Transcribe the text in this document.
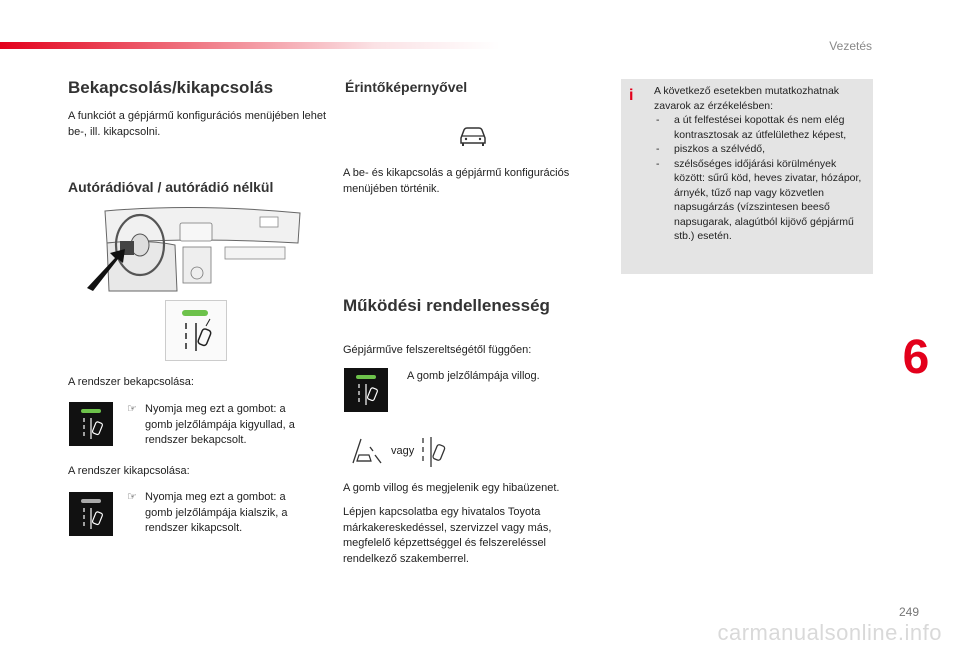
Vezetés
6
Bekapcsolás/kikapcsolás

A funkciót a gépjármű konfigurációs menüjében lehet be-, ill. kikapcsolni.

Autórádióval / autórádió nélkül

A rendszer bekapcsolása:

☞ Nyomja meg ezt a gombot: a gomb jelzőlámpája kigyullad, a rendszer bekapcsolt.

A rendszer kikapcsolása:

☞ Nyomja meg ezt a gombot: a gomb jelzőlámpája kialszik, a rendszer kikapcsolt.

Érintőképernyővel

A be- és kikapcsolás a gépjármű konfigurációs menüjében történik.

Működési rendellenesség

Gépjárműve felszereltségétől függően:

A gomb jelzőlámpája villog.

vagy

A gomb villog és megjelenik egy hibaüzenet.

Lépjen kapcsolatba egy hivatalos Toyota márkakereskedéssel, szervizzel vagy más, megfelelő képzettséggel és felszereléssel rendelkező szakemberrel.

i A következő esetekben mutatkozhatnak zavarok az érzékelésben:
- a út felfestései kopottak és nem elég kontrasztosak az útfelülethez képest,
- piszkos a szélvédő,
- szélsőséges időjárási körülmények között: sűrű köd, heves zivatar, hózápor, árnyék, tűző nap vagy közvetlen napsugárzás (vízszintesen beeső napsugarak, alagútból kijövő gépjármű stb.) esetén.
249
carmanualsonline.info
